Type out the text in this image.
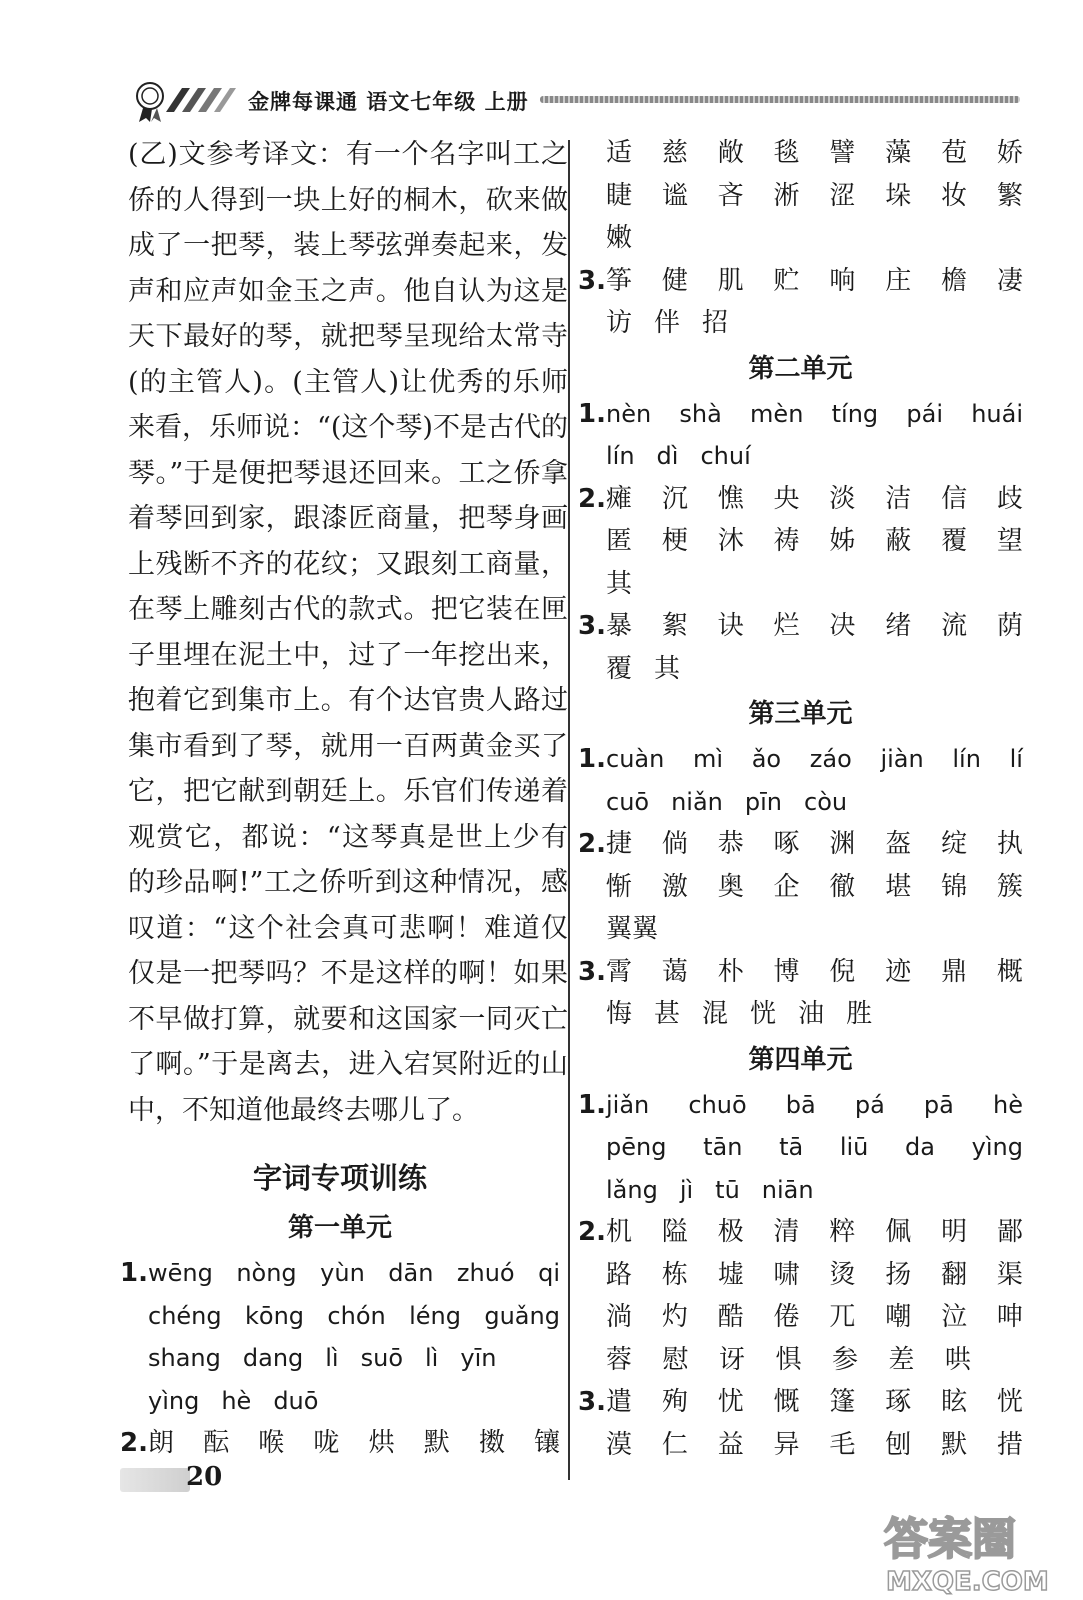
金牌每课通 语文七年级 上册

(乙)文参考译文：有一个名字叫工之侨的人得到一块上好的桐木，砍来做成了一把琴，装上琴弦弹奏起来，发声和应声如金玉之声。他自认为这是天下最好的琴，就把琴呈现给太常寺(的主管人)。(主管人)让优秀的乐师来看，乐师说：“(这个琴)不是古代的琴。”于是便把琴退还回来。工之侨拿着琴回到家，跟漆匠商量，把琴身画上残断不齐的花纹；又跟刻工商量，在琴上雕刻古代的款式。把它装在匣子里埋在泥土中，过了一年挖出来，抱着它到集市上。有个达官贵人路过集市看到了琴，就用一百两黄金买了它，把它献到朝廷上。乐官们传递着观赏它，都说：“这琴真是世上少有的珍品啊!”工之侨听到这种情况，感叹道：“这个社会真可悲啊！难道仅仅是一把琴吗？不是这样的啊！如果不早做打算，就要和这国家一同灭亡了啊。”于是离去，进入宕冥附近的山中，不知道他最终去哪儿了。

字词专项训练
第一单元
1. wēng nòng yùn dān zhuó qi
chéng kōng chón léng guǎng
shang dang lì suō lì yīn
yìng hè duō
2. 朗 酝 喉 咙 烘 默 擞 镶
适 慈 敞 毯 譬 藻 苞 娇
睫 谧 吝 淅 涩 垛 妆 繁
嫩
3. 筝 健 肌 贮 响 庄 檐 凄
访 伴 招
第二单元
1. nèn shà mèn tíng pái huái
lín dì chuí
2. 瘫 沉 憔 央 淡 洁 信 歧
匿 梗 沐 祷 姊 蔽 覆 望
其
3. 暴 絮 诀 烂 决 绪 流 荫
覆 其
第三单元
1. cuàn mì ǎo záo jiàn lín lí
cuō niǎn pīn còu
2. 捷 倘 恭 啄 渊 盔 绽 执
惭 激 奥 企 徹 堪 锦 簇
翼 翼
3. 霄 蔼 朴 博 倪 迹 鼎 概
悔 甚 混 恍 油 胜
第四单元
1. jiǎn chuō bā pá pā hè
pēng tān tā liū da yìng
lǎng jì tū niān
2. 机 隘 极 清 粹 佩 明 鄙
路 栋 墟 啸 烫 扬 翻 渠
淌 灼 酷 倦 兀 嘲 泣 呻
蓉 慰 讶 惧 参 差 哄
3. 遣 殉 忧 慨 篷 琢 眩 恍
漠 仁 益 异 毛 刨 默 措
20
答案圈
MXQE.COM
